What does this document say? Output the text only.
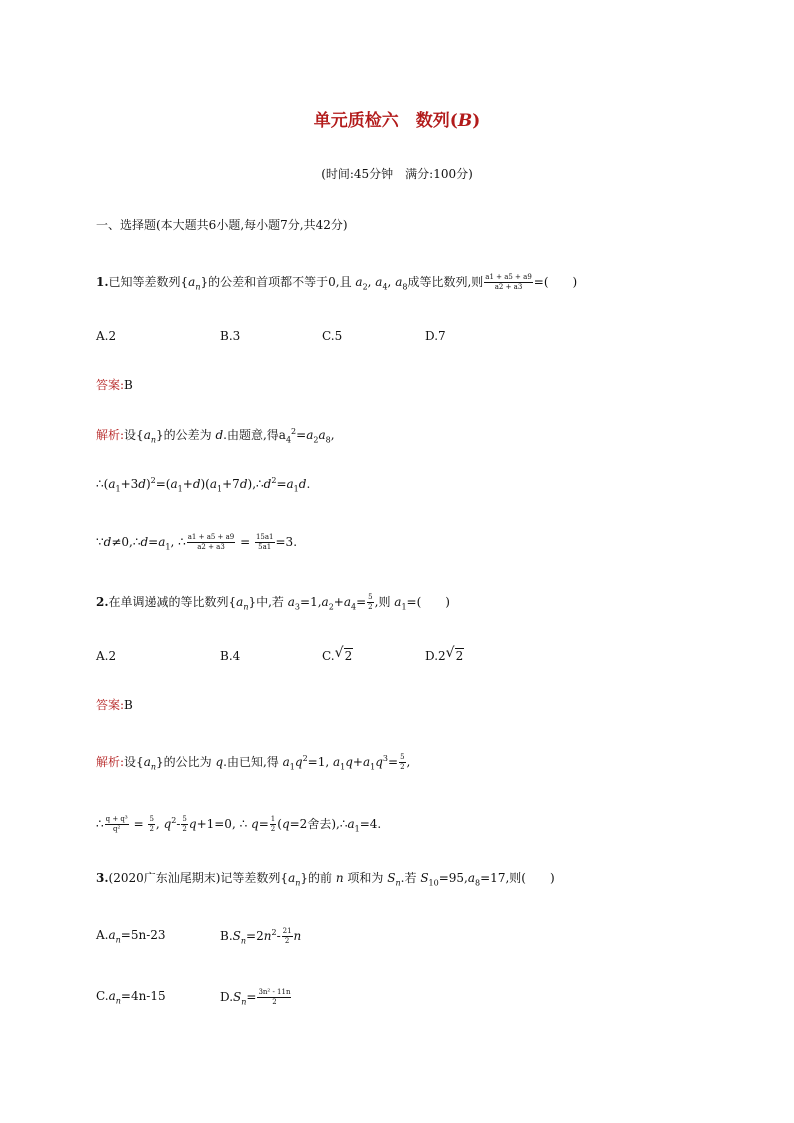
单元质检六　数列(B)
(时间:45分钟　满分:100分)
一、选择题(本大题共6小题,每小题7分,共42分)
1.已知等差数列$\{a_n\}$的公差和首项都不等于0,且 $a_2$, $a_4$, $a_8$成等比数列,则 $\frac{a1 + a5 + a9}{a2 + a3}$ =(　　)
A.2	B.3	C.5	D.7
答案:B
解析:设$\{a_n\}$的公差为 d.由题意,得$a_4^2=a_2a_8$,
$\therefore(a_1+3d)^2=(a_1+d)(a_1+7d),\therefore d^2=a_1d$.
$\because d\ne 0,\therefore d=a_1$, ∴ $\frac{a1 + a5 + a9}{a2 + a3} = \frac{15a1}{5a1} =3$.
2.在单调递减的等比数列$\{a_n\}$中,若 $a_3=1,a_2+a_4= \frac{5}{2}$ ,则 $a_1=$(　　)
A.2	B.4	C. √ 2	D.2 √ 2
答案:B
解析:设$\{a_n\}$的公比为 q.由已知,得 $a_1q^2=1$, $a_1q+a_1q^3= \frac{5}{2}$ ,
∴ $\frac{\text{q + q³}}{\text{q²}} = \frac{5}{2}$ , $q^2- \frac{5}{2} q+1=0$, ∴ $q= \frac{1}{2} (q=2$舍去)$,\therefore a_1=4$.
3.(2020广东汕尾期末)记等差数列$\{a_n\}$的前 n 项和为 $S_n$.若 $S_{10}=95,a_8=17$,则(　　)
$A.a_n=5n-23$	$B.S_n=2n^2- \frac{21}{2}$ n
$C.a_n=4n-15$	$D.S_n= \frac{\text{3n² - 11n}}{2}$
